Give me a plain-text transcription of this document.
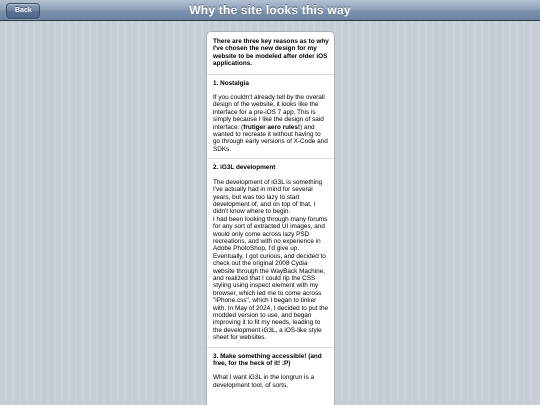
Back	Why the site looks this way
There are three key reasons as to why I've chosen the new design for my website to be modeled after older iOS applications.
1. Nostalgia
If you couldn't already tell by the overall design of the website, it looks like the interface for a pre-iOS 7 app. This is simply because I like the design of said interface. (frutiger aero rules!) and wanted to recreate it without having to go through early versions of X-Code and SDKs.
2. iG3L development
The development of iG3L is something I've actually had in mind for several years, but was too lazy to start development of, and on top of that, I didn't know where to begin.
I had been looking through many forums for any sort of extracted UI images, and would only come across lazy PSD recreations, and with no experience in Adobe PhotoShop, I'd give up.
Eventually, I got curious, and decided to check out the original 2008 Cydia website through the WayBack Machine, and realized that I could rip the CSS styling using inspect element with my browser, which led me to come across "iPhone.css", which I began to tinker with. In May of 2024, I decided to put the modded version to use, and began improving it to fit my needs, leading to the development iG3L, a iOS-like style sheet for websites.
3. Make something accessible! (and free, for the heck of it! :P)
What I want iG3L in the longrun is a development tool, of sorts,
